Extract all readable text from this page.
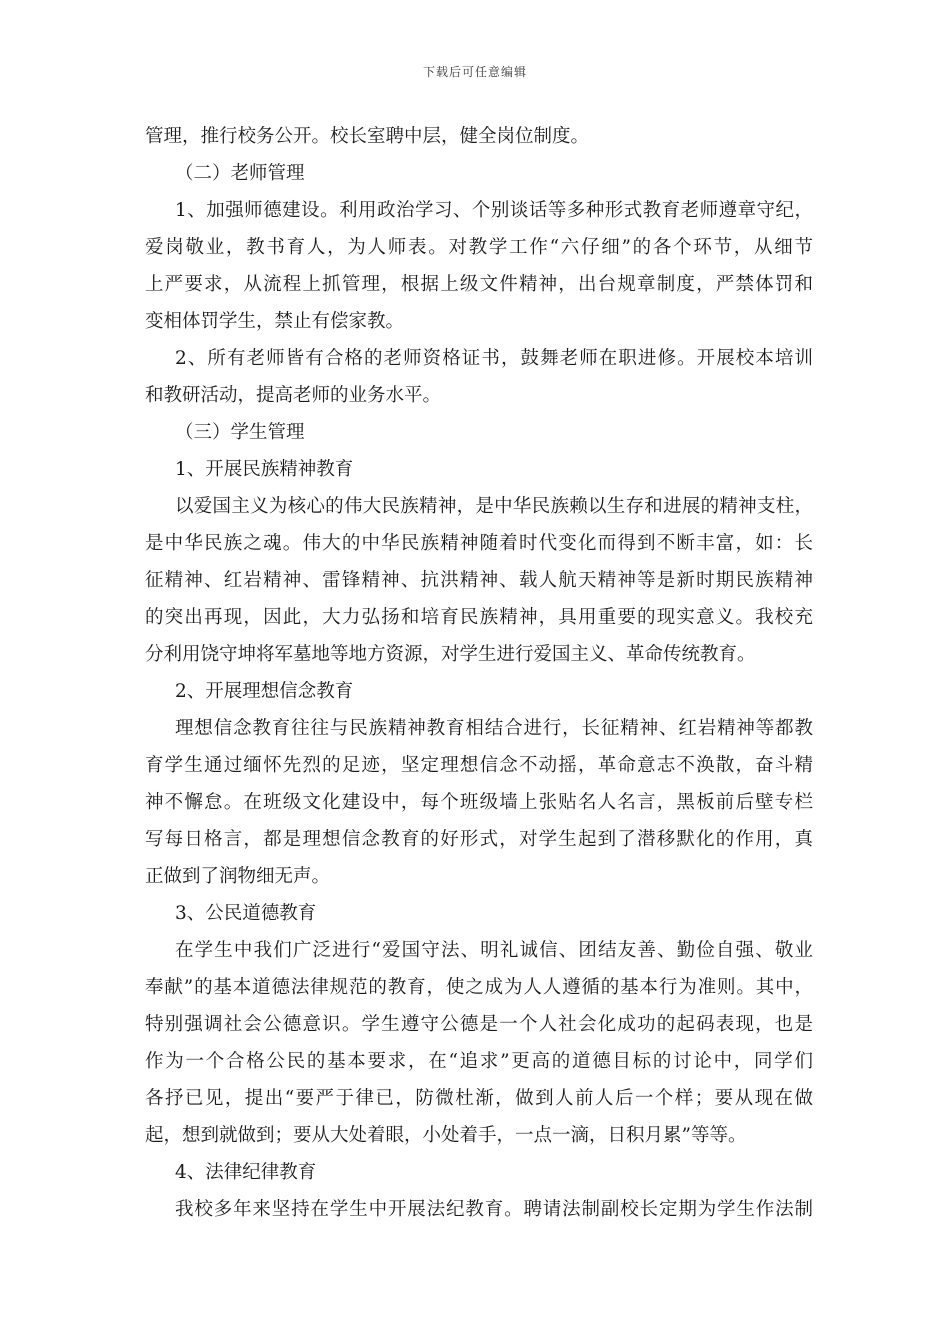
下载后可任意编辑
管理，推行校务公开。校长室聘中层，健全岗位制度。
（二）老师管理
1、加强师德建设。利用政治学习、个别谈话等多种形式教育老师遵章守纪，
爱岗敬业，教书育人，为人师表。对教学工作“六仔细”的各个环节，从细节
上严要求，从流程上抓管理，根据上级文件精神，出台规章制度，严禁体罚和
变相体罚学生，禁止有偿家教。
2、所有老师皆有合格的老师资格证书，鼓舞老师在职进修。开展校本培训
和教研活动，提高老师的业务水平。
（三）学生管理
1、开展民族精神教育
以爱国主义为核心的伟大民族精神，是中华民族赖以生存和进展的精神支柱，
是中华民族之魂。伟大的中华民族精神随着时代变化而得到不断丰富，如：长
征精神、红岩精神、雷锋精神、抗洪精神、载人航天精神等是新时期民族精神
的突出再现，因此，大力弘扬和培育民族精神，具用重要的现实意义。我校充
分利用饶守坤将军墓地等地方资源，对学生进行爱国主义、革命传统教育。
2、开展理想信念教育
理想信念教育往往与民族精神教育相结合进行，长征精神、红岩精神等都教
育学生通过缅怀先烈的足迹，坚定理想信念不动摇，革命意志不涣散，奋斗精
神不懈怠。在班级文化建设中，每个班级墙上张贴名人名言，黑板前后壁专栏
写每日格言，都是理想信念教育的好形式，对学生起到了潜移默化的作用，真
正做到了润物细无声。
3、公民道德教育
在学生中我们广泛进行“爱国守法、明礼诚信、团结友善、勤俭自强、敬业
奉献”的基本道德法律规范的教育，使之成为人人遵循的基本行为准则。其中，
特别强调社会公德意识。学生遵守公德是一个人社会化成功的起码表现，也是
作为一个合格公民的基本要求，在“追求”更高的道德目标的讨论中，同学们
各抒已见，提出“要严于律已，防微杜渐，做到人前人后一个样；要从现在做
起，想到就做到；要从大处着眼，小处着手，一点一滴，日积月累”等等。
4、法律纪律教育
我校多年来坚持在学生中开展法纪教育。聘请法制副校长定期为学生作法制
